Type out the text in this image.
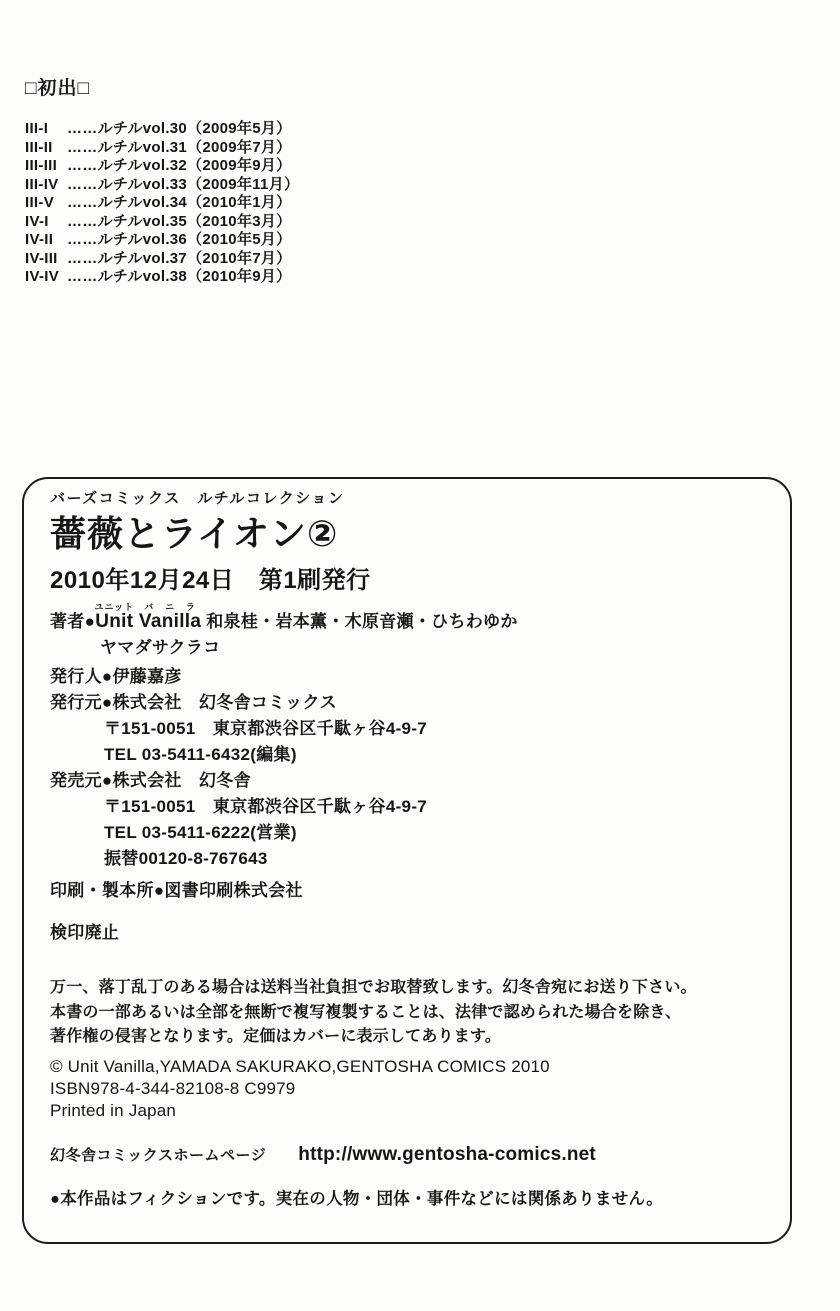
□初出□
III-I ……ルチルvol.30（2009年5月）
III-II ……ルチルvol.31（2009年7月）
III-III ……ルチルvol.32（2009年9月）
III-IV ……ルチルvol.33（2009年11月）
III-V ……ルチルvol.34（2010年1月）
IV-I ……ルチルvol.35（2010年3月）
IV-II ……ルチルvol.36（2010年5月）
IV-III ……ルチルvol.37（2010年7月）
IV-IV ……ルチルvol.38（2010年9月）
バーズコミックス　ルチルコレクション
薔薇とライオン②
2010年12月24日　第1刷発行
著者●Unitユニット Vanillaバニラ 和泉桂・岩本薫・木原音瀬・ひちわゆか
ヤマダサクラコ
発行人●伊藤嘉彦
発行元●株式会社　幻冬舎コミックス
〒151-0051　東京都渋谷区千駄ヶ谷4-9-7
TEL 03-5411-6432(編集)
発売元●株式会社　幻冬舎
〒151-0051　東京都渋谷区千駄ヶ谷4-9-7
TEL 03-5411-6222(営業)
振替00120-8-767643
印刷・製本所●図書印刷株式会社
検印廃止
万一、落丁乱丁のある場合は送料当社負担でお取替致します。幻冬舎宛にお送り下さい。
本書の一部あるいは全部を無断で複写複製することは、法律で認められた場合を除き、
著作権の侵害となります。定価はカバーに表示してあります。
© Unit Vanilla,YAMADA SAKURAKO,GENTOSHA COMICS 2010
ISBN978-4-344-82108-8 C9979
Printed in Japan
幻冬舎コミックスホームページ http://www.gentosha-comics.net
●本作品はフィクションです。実在の人物・団体・事件などには関係ありません。
